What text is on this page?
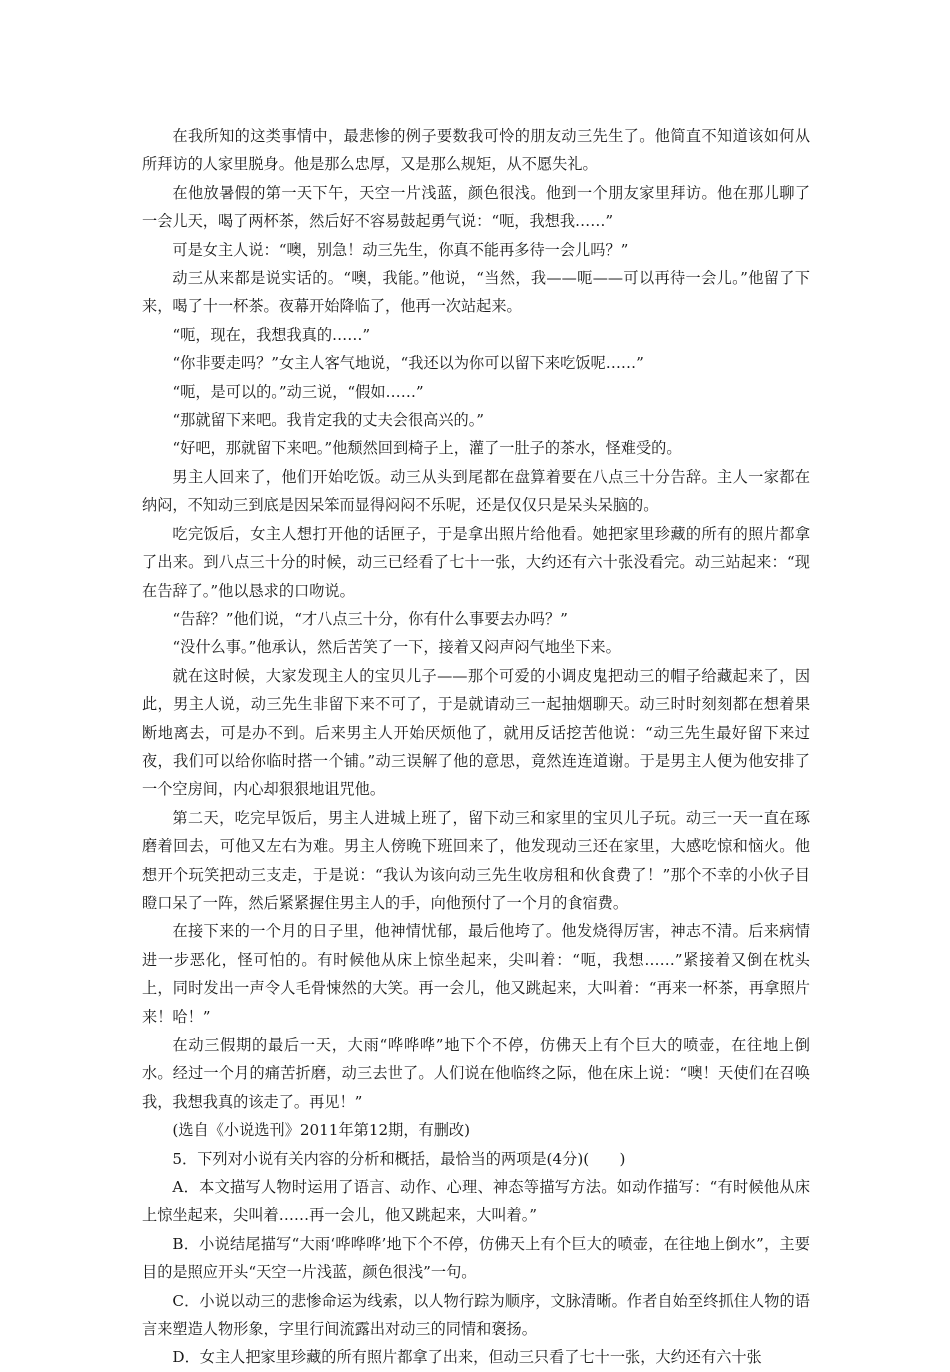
在我所知的这类事情中，最悲惨的例子要数我可怜的朋友动三先生了。他简直不知道该如何从所拜访的人家里脱身。他是那么忠厚，又是那么规矩，从不愿失礼。

在他放暑假的第一天下午，天空一片浅蓝，颜色很浅。他到一个朋友家里拜访。他在那儿聊了一会儿天，喝了两杯茶，然后好不容易鼓起勇气说：“呃，我想我……”

可是女主人说：“噢，别急！动三先生，你真不能再多待一会儿吗？”

动三从来都是说实话的。“噢，我能。”他说，“当然，我——呃——可以再待一会儿。”他留了下来，喝了十一杯茶。夜幕开始降临了，他再一次站起来。

“呃，现在，我想我真的……”

“你非要走吗？”女主人客气地说，“我还以为你可以留下来吃饭呢……”

“呃，是可以的。”动三说，“假如……”

“那就留下来吧。我肯定我的丈夫会很高兴的。”

“好吧，那就留下来吧。”他颓然回到椅子上，灌了一肚子的茶水，怪难受的。

男主人回来了，他们开始吃饭。动三从头到尾都在盘算着要在八点三十分告辞。主人一家都在纳闷，不知动三到底是因呆笨而显得闷闷不乐呢，还是仅仅只是呆头呆脑的。

吃完饭后，女主人想打开他的话匣子，于是拿出照片给他看。她把家里珍藏的所有的照片都拿了出来。到八点三十分的时候，动三已经看了七十一张，大约还有六十张没看完。动三站起来：“现在告辞了。”他以恳求的口吻说。

“告辞？”他们说，“才八点三十分，你有什么事要去办吗？”

“没什么事。”他承认，然后苦笑了一下，接着又闷声闷气地坐下来。

就在这时候，大家发现主人的宝贝儿子——那个可爱的小调皮鬼把动三的帽子给藏起来了，因此，男主人说，动三先生非留下来不可了，于是就请动三一起抽烟聊天。动三时时刻刻都在想着果断地离去，可是办不到。后来男主人开始厌烦他了，就用反话挖苦他说：“动三先生最好留下来过夜，我们可以给你临时搭一个铺。”动三误解了他的意思，竟然连连道谢。于是男主人便为他安排了一个空房间，内心却狠狠地诅咒他。

第二天，吃完早饭后，男主人进城上班了，留下动三和家里的宝贝儿子玩。动三一天一直在琢磨着回去，可他又左右为难。男主人傍晚下班回来了，他发现动三还在家里，大感吃惊和恼火。他想开个玩笑把动三支走，于是说：“我认为该向动三先生收房租和伙食费了！”那个不幸的小伙子目瞪口呆了一阵，然后紧紧握住男主人的手，向他预付了一个月的食宿费。

在接下来的一个月的日子里，他神情忧郁，最后他垮了。他发烧得厉害，神志不清。后来病情进一步恶化，怪可怕的。有时候他从床上惊坐起来，尖叫着：“呃，我想……”紧接着又倒在枕头上，同时发出一声令人毛骨悚然的大笑。再一会儿，他又跳起来，大叫着：“再来一杯茶，再拿照片来！哈！”

在动三假期的最后一天，大雨“哗哗哗”地下个不停，仿佛天上有个巨大的喷壶，在往地上倒水。经过一个月的痛苦折磨，动三去世了。人们说在他临终之际，他在床上说：“噢！天使们在召唤我，我想我真的该走了。再见！”

(选自《小说选刊》2011年第12期，有删改)

5．下列对小说有关内容的分析和概括，最恰当的两项是(4分)(　　)

A．本文描写人物时运用了语言、动作、心理、神态等描写方法。如动作描写：“有时候他从床上惊坐起来，尖叫着……再一会儿，他又跳起来，大叫着。”

B．小说结尾描写“大雨‘哗哗哗’地下个不停，仿佛天上有个巨大的喷壶，在往地上倒水”，主要目的是照应开头“天空一片浅蓝，颜色很浅”一句。

C．小说以动三的悲惨命运为线索，以人物行踪为顺序，文脉清晰。作者自始至终抓住人物的语言来塑造人物形象，字里行间流露出对动三的同情和褒扬。

D．女主人把家里珍藏的所有照片都拿了出来，但动三只看了七十一张，大约还有六十张
